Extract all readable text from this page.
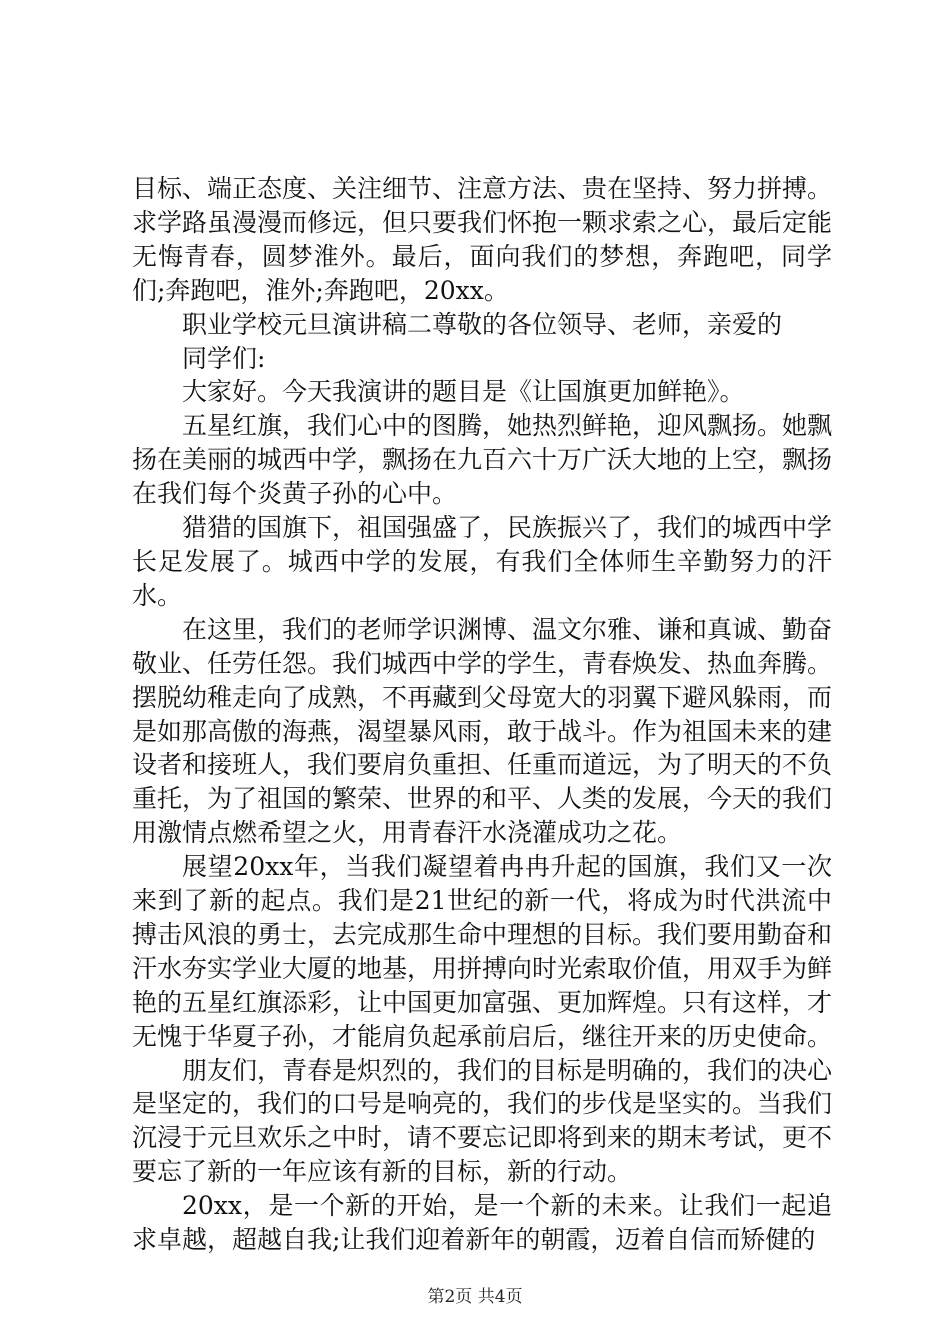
目标、端正态度、关注细节、注意方法、贵在坚持、努力拼搏。求学路虽漫漫而修远，但只要我们怀抱一颗求索之心，最后定能无悔青春，圆梦淮外。最后，面向我们的梦想，奔跑吧，同学们;奔跑吧，淮外;奔跑吧，20xx。

职业学校元旦演讲稿二尊敬的各位领导、老师，亲爱的

同学们:

大家好。今天我演讲的题目是《让国旗更加鲜艳》。

五星红旗，我们心中的图腾，她热烈鲜艳，迎风飘扬。她飘扬在美丽的城西中学，飘扬在九百六十万广沃大地的上空，飘扬在我们每个炎黄子孙的心中。

猎猎的国旗下，祖国强盛了，民族振兴了，我们的城西中学长足发展了。城西中学的发展，有我们全体师生辛勤努力的汗水。

在这里，我们的老师学识渊博、温文尔雅、谦和真诚、勤奋敬业、任劳任怨。我们城西中学的学生，青春焕发、热血奔腾。摆脱幼稚走向了成熟，不再藏到父母宽大的羽翼下避风躲雨，而是如那高傲的海燕，渴望暴风雨，敢于战斗。作为祖国未来的建设者和接班人，我们要肩负重担、任重而道远，为了明天的不负重托，为了祖国的繁荣、世界的和平、人类的发展，今天的我们用激情点燃希望之火，用青春汗水浇灌成功之花。

展望20xx年，当我们凝望着冉冉升起的国旗，我们又一次来到了新的起点。我们是21世纪的新一代，将成为时代洪流中搏击风浪的勇士，去完成那生命中理想的目标。我们要用勤奋和汗水夯实学业大厦的地基，用拼搏向时光索取价值，用双手为鲜艳的五星红旗添彩，让中国更加富强、更加辉煌。只有这样，才无愧于华夏子孙，才能肩负起承前启后，继往开来的历史使命。

朋友们，青春是炽烈的，我们的目标是明确的，我们的决心是坚定的，我们的口号是响亮的，我们的步伐是坚实的。当我们沉浸于元旦欢乐之中时，请不要忘记即将到来的期末考试，更不要忘了新的一年应该有新的目标，新的行动。

20xx，是一个新的开始，是一个新的未来。让我们一起追求卓越，超越自我;让我们迎着新年的朝霞，迈着自信而矫健的

第2页 共4页
